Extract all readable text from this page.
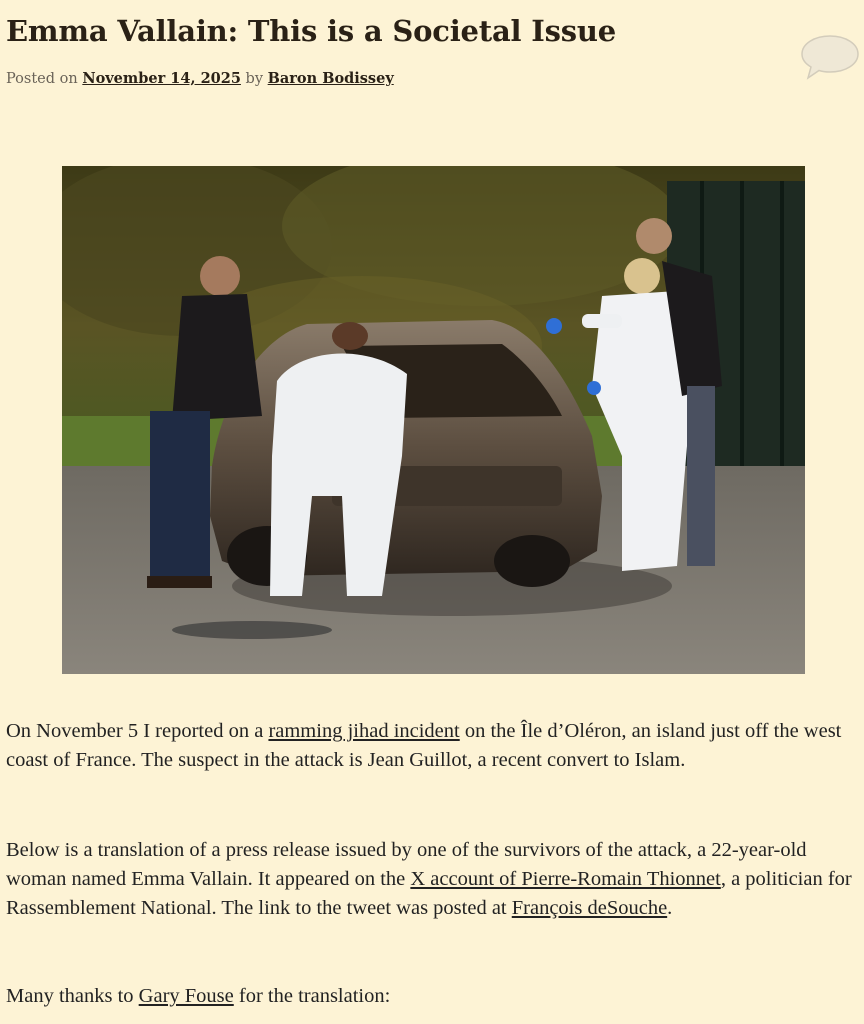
Emma Vallain: This is a Societal Issue
Posted on November 14, 2025 by Baron Bodissey

On November 5 I reported on a ramming jihad incident on the Île d’Oléron, an island just off the west coast of France. The suspect in the attack is Jean Guillot, a recent convert to Islam.

Below is a translation of a press release issued by one of the survivors of the attack, a 22-year-old woman named Emma Vallain. It appeared on the X account of Pierre-Romain Thionnet, a politician for Rassemblement National. The link to the tweet was posted at François deSouche.

Many thanks to Gary Fouse for the translation:
